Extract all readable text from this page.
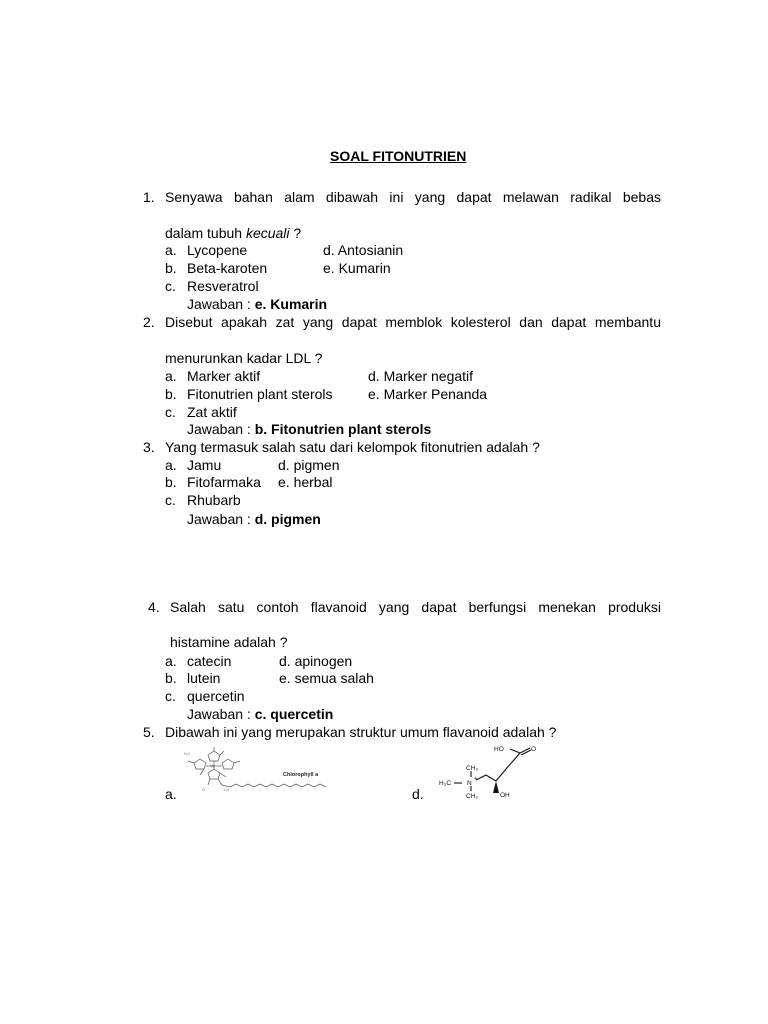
SOAL FITONUTRIEN
1. Senyawa bahan alam dibawah ini yang dapat melawan radikal bebas
dalam tubuh kecuali ?
a. Lycopene	d. Antosianin
b. Beta-karoten	e. Kumarin
c. Resveratrol
Jawaban : e. Kumarin
2. Disebut apakah zat yang dapat memblok kolesterol dan dapat membantu
menurunkan kadar LDL ?
a. Marker aktif	d. Marker negatif
b. Fitonutrien plant sterols	e. Marker Penanda
c. Zat aktif
Jawaban : b. Fitonutrien plant sterols
3. Yang termasuk salah satu dari kelompok fitonutrien adalah ?
a. Jamu	d. pigmen
b. Fitofarmaka e. herbal
c. Rhubarb
Jawaban : d. pigmen
4. Salah satu contoh flavanoid yang dapat berfungsi menekan produksi
histamine adalah ?
a. catecin	d. apinogen
b. lutein	e. semua salah
c. quercetin
Jawaban : c. quercetin
5. Dibawah ini yang merupakan struktur umum flavanoid adalah ?
a.
H₂C
Mg
O	CH
Chlorophyll a
d.
HO	O
CH₃
H₃C N
+
CH₃	OH
